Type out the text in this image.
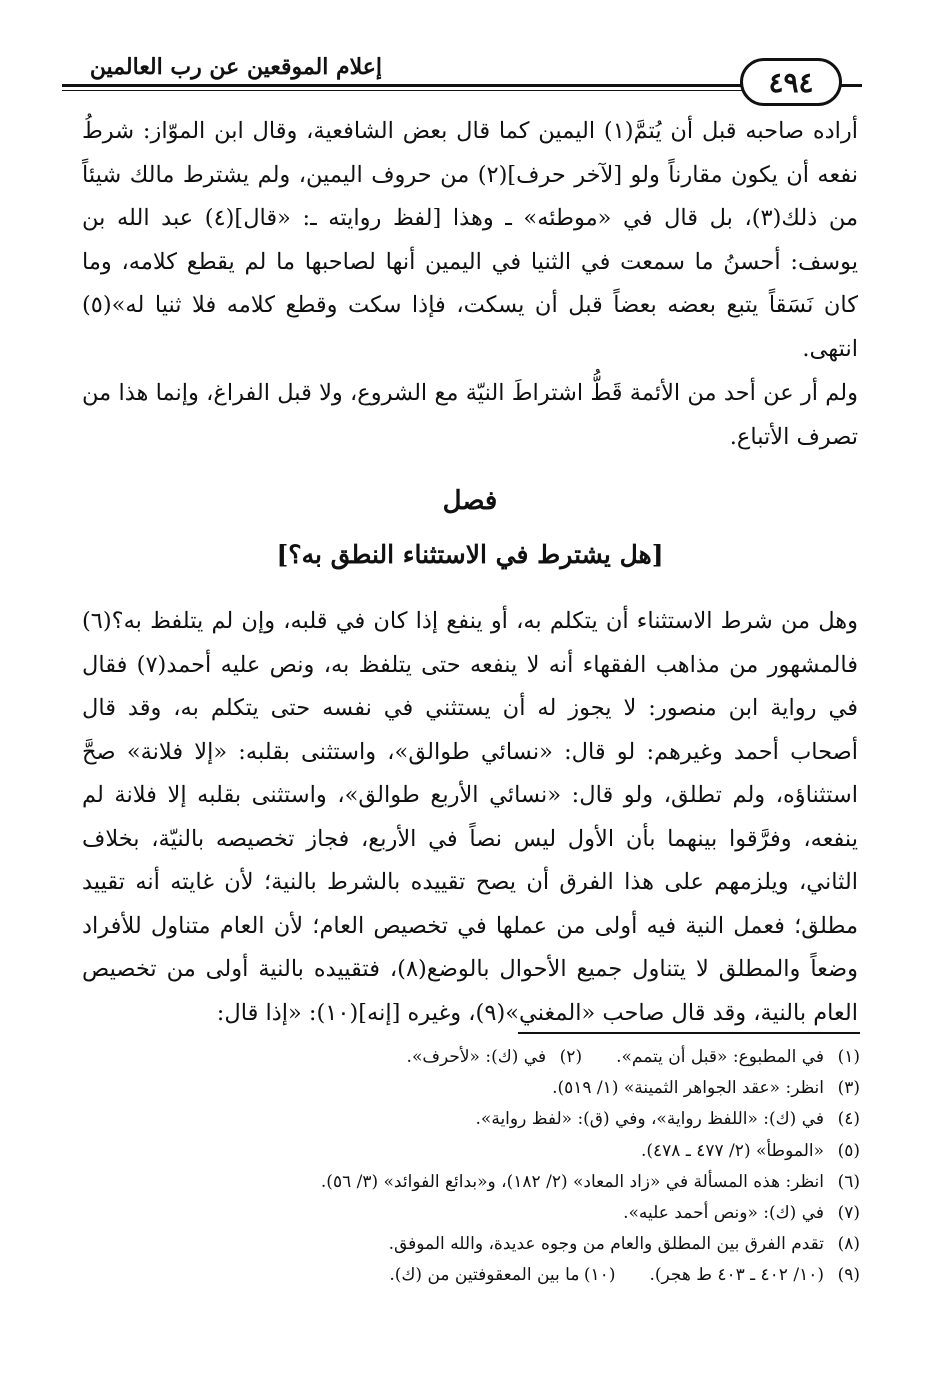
إعلام الموقعين عن رب العالمين	٤٩٤
أراده صاحبه قبل أن يُتمَّ(١) اليمين كما قال بعض الشافعية، وقال ابن الموّاز: شرطُ نفعه أن يكون مقارناً ولو [لآخر حرف](٢) من حروف اليمين، ولم يشترط مالك شيئاً من ذلك(٣)، بل قال في «موطئه» ـ وهذا [لفظ روايته ـ: «قال](٤) عبد الله بن يوسف: أحسنُ ما سمعت في الثنيا في اليمين أنها لصاحبها ما لم يقطع كلامه، وما كان نَسَقاً يتبع بعضه بعضاً قبل أن يسكت، فإذا سكت وقطع كلامه فلا ثنيا له»(٥) انتهى.
ولم أر عن أحد من الأئمة قَطُّ اشتراطَ النيّة مع الشروع، ولا قبل الفراغ، وإنما هذا من تصرف الأتباع.
فصل
[هل يشترط في الاستثناء النطق به؟]
وهل من شرط الاستثناء أن يتكلم به، أو ينفع إذا كان في قلبه، وإن لم يتلفظ به؟(٦) فالمشهور من مذاهب الفقهاء أنه لا ينفعه حتى يتلفظ به، ونص عليه أحمد(٧) فقال في رواية ابن منصور: لا يجوز له أن يستثني في نفسه حتى يتكلم به، وقد قال أصحاب أحمد وغيرهم: لو قال: «نسائي طوالق»، واستثنى بقلبه: «إلا فلانة» صحَّ استثناؤه، ولم تطلق، ولو قال: «نسائي الأربع طوالق»، واستثنى بقلبه إلا فلانة لم ينفعه، وفرَّقوا بينهما بأن الأول ليس نصاً في الأربع، فجاز تخصيصه بالنيّة، بخلاف الثاني، ويلزمهم على هذا الفرق أن يصح تقييده بالشرط بالنية؛ لأن غايته أنه تقييد مطلق؛ فعمل النية فيه أولى من عملها في تخصيص العام؛ لأن العام متناول للأفراد وضعاً والمطلق لا يتناول جميع الأحوال بالوضع(٨)، فتقييده بالنية أولى من تخصيص العام بالنية، وقد قال صاحب «المغني»(٩)، وغيره [إنه](١٠): «إذا قال:
(١)في المطبوع: «قبل أن يتمم».
(٢)في (ك): «لأحرف».
(٣)انظر: «عقد الجواهر الثمينة» (١/ ٥١٩).
(٤)في (ك): «اللفظ رواية»، وفي (ق): «لفظ رواية».
(٥)«الموطأ» (٢/ ٤٧٧ ـ ٤٧٨).
(٦)انظر: هذه المسألة في «زاد المعاد» (٢/ ١٨٢)، و«بدائع الفوائد» (٣/ ٥٦).
(٧)في (ك): «ونص أحمد عليه».
(٨)تقدم الفرق بين المطلق والعام من وجوه عديدة، والله الموفق.
(٩)(١٠/ ٤٠٢ ـ ٤٠٣ ط هجر).
(١٠)ما بين المعقوفتين من (ك).
